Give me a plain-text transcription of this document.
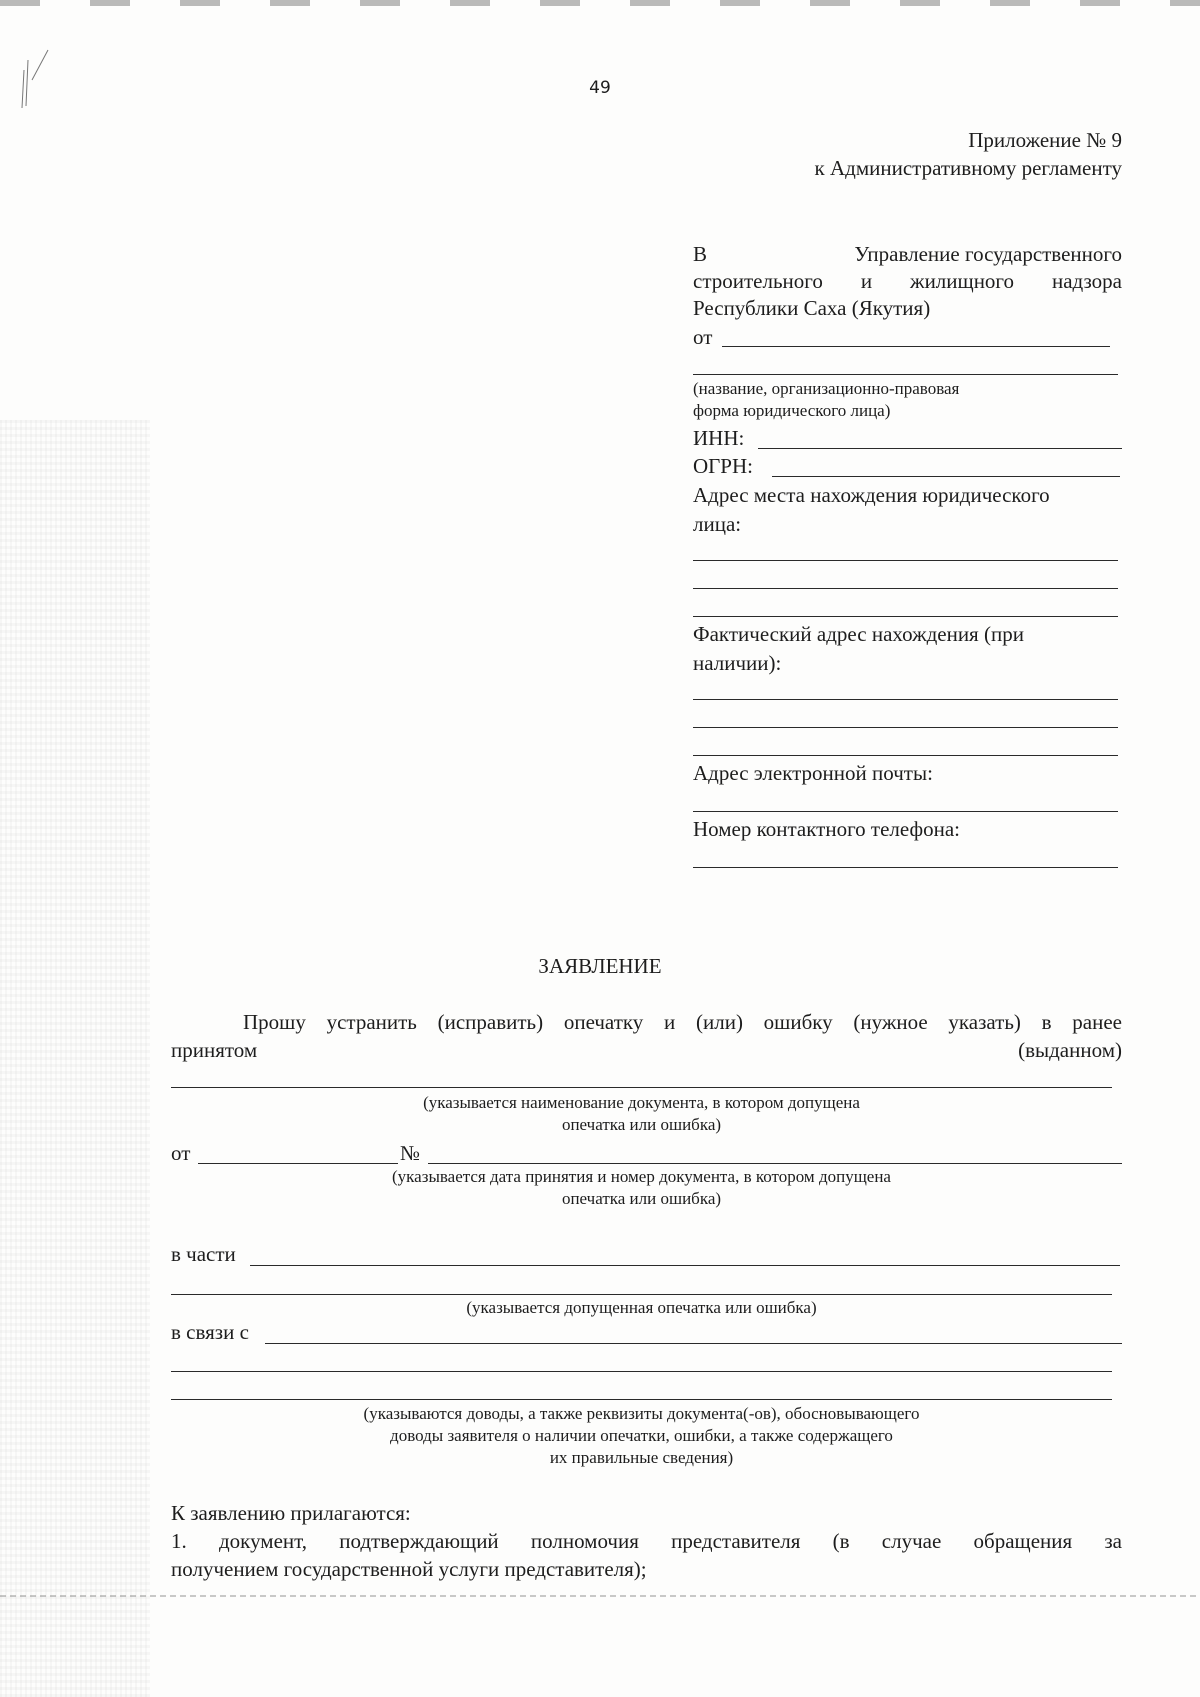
49
Приложение № 9
к Административному регламенту
В	Управление государственного
строительного и жилищного надзора
Республики Саха (Якутия)
от
(название, организационно-правовая
форма юридического лица)
ИНН:
ОГРН:
Адрес места нахождения юридического
лица:
Фактический адрес нахождения (при
наличии):
Адрес электронной почты:
Номер контактного телефона:
ЗАЯВЛЕНИЕ
Прошу устранить (исправить) опечатку и (или) ошибку (нужное указать) в ранее
принятом	(выданном)
(указывается наименование документа, в котором допущена
опечатка или ошибка)
от	№
(указывается дата принятия и номер документа, в котором допущена
опечатка или ошибка)
в части
(указывается допущенная опечатка или ошибка)
в связи с
(указываются доводы, а также реквизиты документа(-ов), обосновывающего
доводы заявителя о наличии опечатки, ошибки, а также содержащего
их правильные сведения)
К заявлению прилагаются:
1. документ, подтверждающий полномочия представителя (в случае обращения за
получением государственной услуги представителя);
